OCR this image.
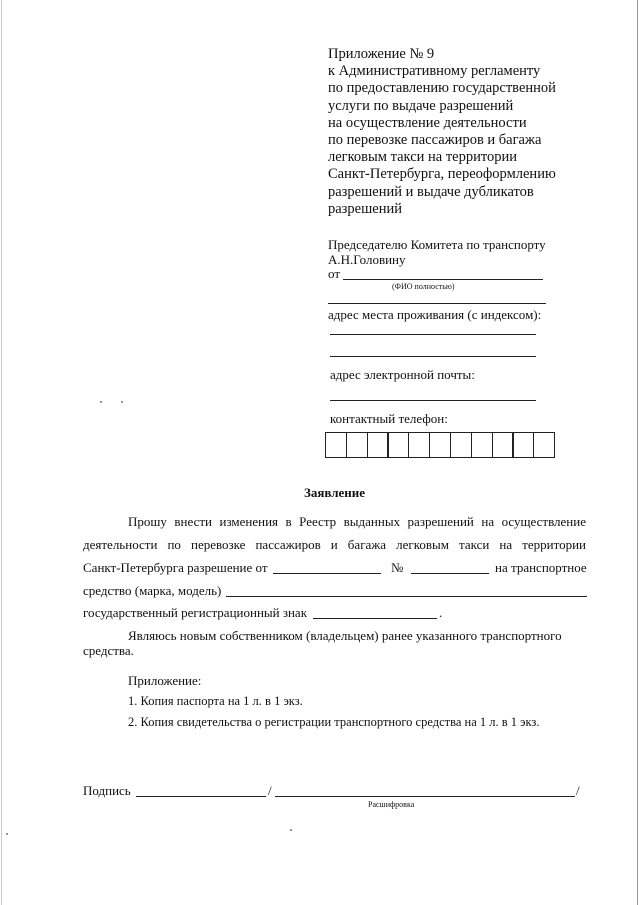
Приложение № 9
к Административному регламенту
по предоставлению государственной
услуги по выдаче разрешений
на осуществление деятельности
по перевозке пассажиров и багажа
легковым такси на территории
Санкт-Петербурга, переоформлению
разрешений и выдаче дубликатов
разрешений
Председателю Комитета по транспорту
А.Н.Головину
от
(ФИО полностью)
адрес места проживания (с индексом):
адрес электронной почты:
контактный телефон:
Заявление
Прошу внести изменения в Реестр выданных разрешений на осуществление
деятельности по перевозке пассажиров и багажа легковым такси на территории
Санкт-Петербурга разрешение от	№	на транспортное
средство (марка, модель)
государственный регистрационный знак	.
Являюсь новым собственником (владельцем) ранее указанного транспортного
средства.
Приложение:
1. Копия паспорта на 1 л. в 1 экз.
2. Копия свидетельства о регистрации транспортного средства на 1 л. в 1 экз.
Подпись	/	/
Расшифровка
